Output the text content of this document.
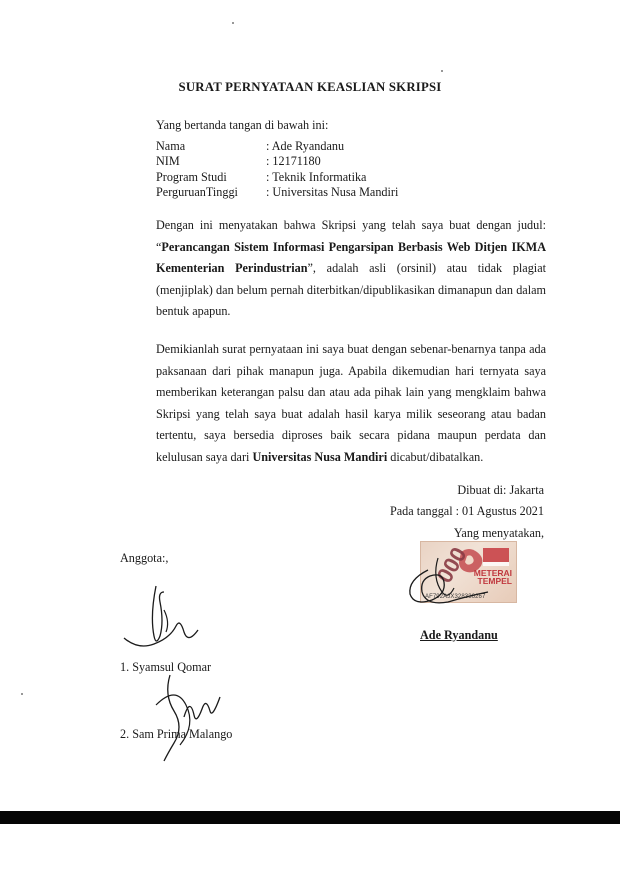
SURAT PERNYATAAN KEASLIAN SKRIPSI
Yang bertanda tangan di bawah ini:
Nama	: Ade Ryandanu
NIM	: 12171180
Program Studi	: Teknik Informatika
PerguruanTinggi : Universitas Nusa Mandiri
Dengan ini menyatakan bahwa Skripsi yang telah saya buat dengan judul: “Perancangan Sistem Informasi Pengarsipan Berbasis Web Ditjen IKMA Kementerian Perindustrian”, adalah asli (orsinil) atau tidak plagiat (menjiplak) dan belum pernah diterbitkan/dipublikasikan dimanapun dan dalam bentuk apapun.
Demikianlah surat pernyataan ini saya buat dengan sebenar-benarnya tanpa ada paksanaan dari pihak manapun juga. Apabila dikemudian hari ternyata saya memberikan keterangan palsu dan atau ada pihak lain yang mengklaim bahwa Skripsi yang telah saya buat adalah hasil karya milik seseorang atau badan tertentu, saya bersedia diproses baik secara pidana maupun perdata dan kelulusan saya dari Universitas Nusa Mandiri dicabut/dibatalkan.
Dibuat di: Jakarta
Pada tanggal : 01 Agustus 2021
Yang menyatakan,
000 METERAI
TEMPEL
AF792AJX328336267
Ade Ryandanu
Anggota:,
1. Syamsul Qomar
2. Sam Prima Malango
